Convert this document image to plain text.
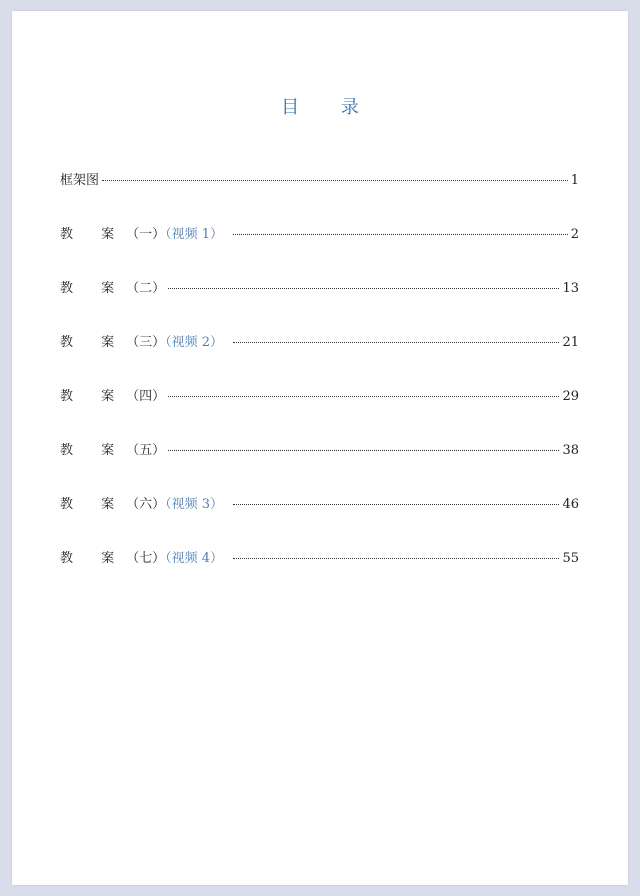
目 录
框架图	1
教 案（一）（视频 1）	2
教 案（二）	13
教 案（三）（视频 2）	21
教 案（四）	29
教 案（五）	38
教 案（六）（视频 3）	46
教 案（七）（视频 4）	55
